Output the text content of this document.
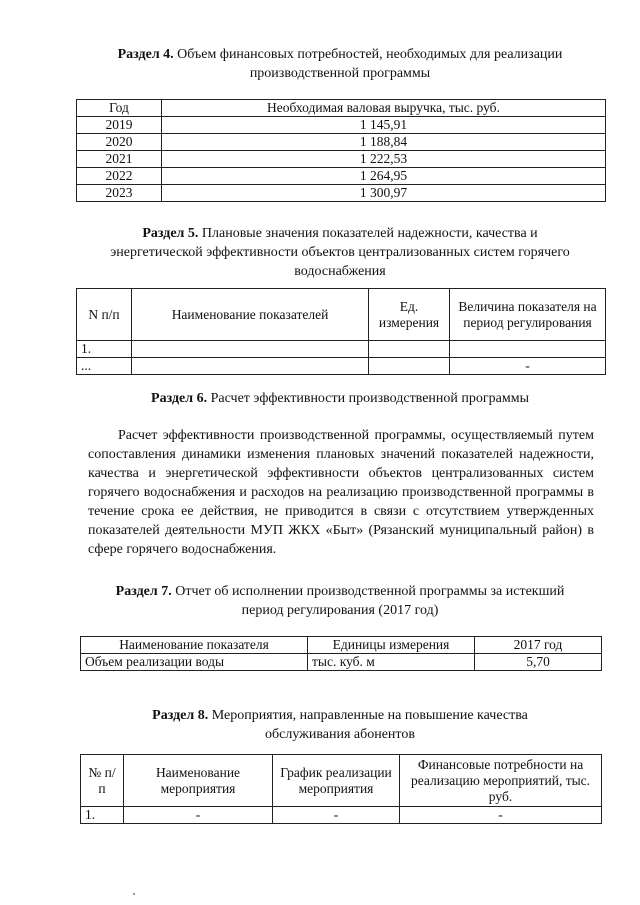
Раздел 4. Объем финансовых потребностей, необходимых для реализации
производственной программы
Год	Необходимая валовая выручка, тыс. руб.
2019	1 145,91
2020	1 188,84
2021	1 222,53
2022	1 264,95
2023	1 300,97
Раздел 5. Плановые значения показателей надежности, качества и
энергетической эффективности объектов централизованных систем горячего
водоснабжения
N п/п	Наименование показателей	Ед. измерения	Величина показателя на период регулирования
1.			
...			-
Раздел 6. Расчет эффективности производственной программы
Расчет эффективности производственной программы, осуществляемый путем сопоставления динамики изменения плановых значений показателей надежности, качества и энергетической эффективности объектов централизованных систем горячего водоснабжения и расходов на реализацию производственной программы в течение срока ее действия, не приводится в связи с отсутствием утвержденных показателей деятельности МУП ЖКХ «Быт» (Рязанский муниципальный район) в сфере горячего водоснабжения.
Раздел 7. Отчет об исполнении производственной программы за истекший
период регулирования (2017 год)
Наименование показателя	Единицы измерения	2017 год
Объем реализации воды	тыс. куб. м	5,70
Раздел 8. Мероприятия, направленные на повышение качества
обслуживания абонентов
№ п/п	Наименование мероприятия	График реализации мероприятия	Финансовые потребности на реализацию мероприятий, тыс. руб.
1.	-	-	-
